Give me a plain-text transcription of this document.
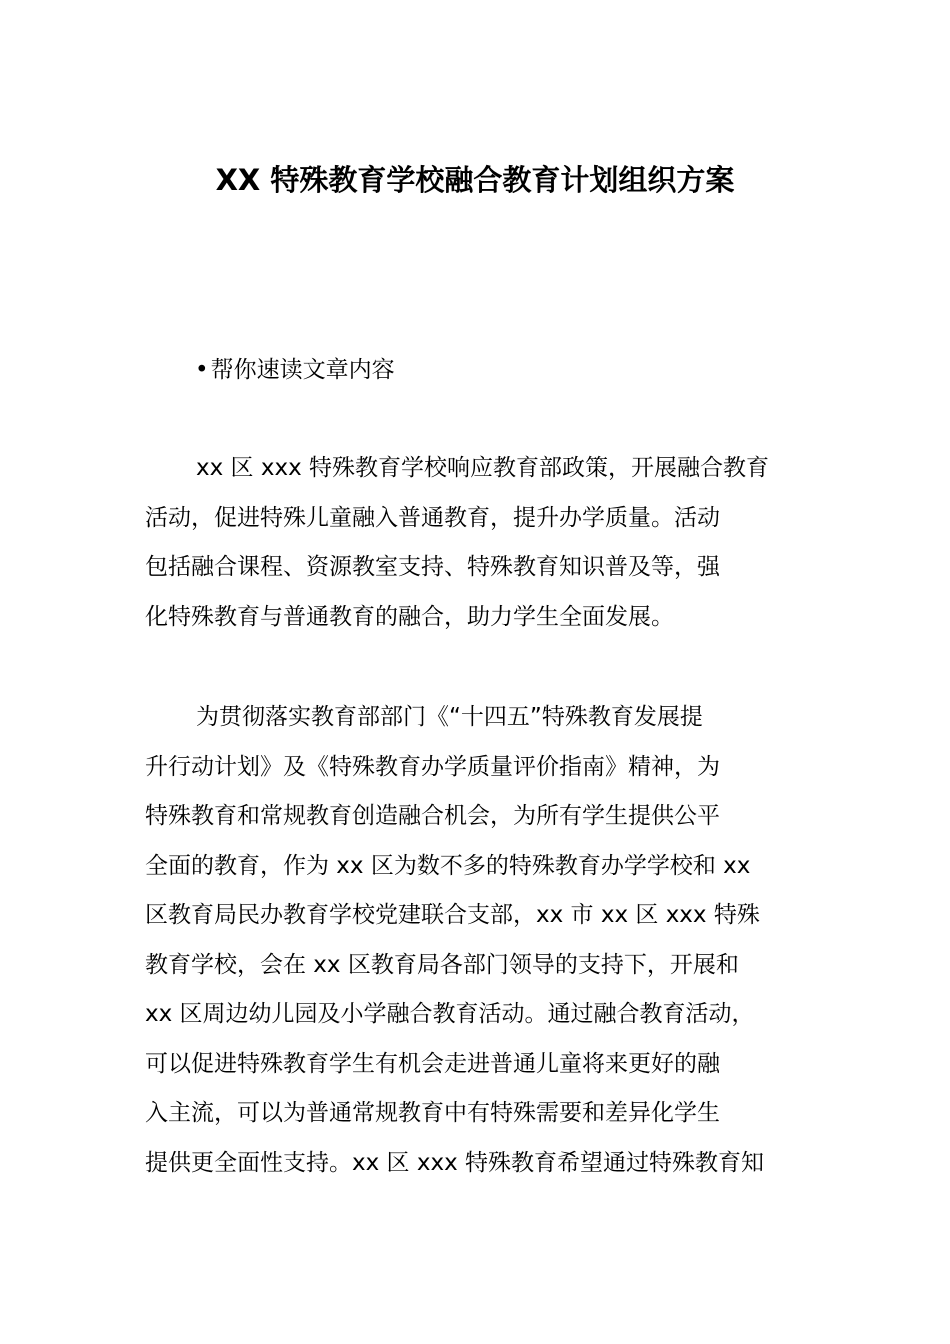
XX 特殊教育学校融合教育计划组织方案

•帮你速读文章内容

xx 区 xxx 特殊教育学校响应教育部政策，开展融合教育
活动，促进特殊儿童融入普通教育，提升办学质量。活动
包括融合课程、资源教室支持、特殊教育知识普及等，强
化特殊教育与普通教育的融合，助力学生全面发展。
为贯彻落实教育部部门《“十四五”特殊教育发展提
升行动计划》及《特殊教育办学质量评价指南》精神，为
特殊教育和常规教育创造融合机会，为所有学生提供公平
全面的教育，作为 xx 区为数不多的特殊教育办学学校和 xx
区教育局民办教育学校党建联合支部，xx 市 xx 区 xxx 特殊
教育学校，会在 xx 区教育局各部门领导的支持下，开展和
xx 区周边幼儿园及小学融合教育活动。通过融合教育活动，
可以促进特殊教育学生有机会走进普通儿童将来更好的融
入主流，可以为普通常规教育中有特殊需要和差异化学生
提供更全面性支持。xx 区 xxx 特殊教育希望通过特殊教育知
